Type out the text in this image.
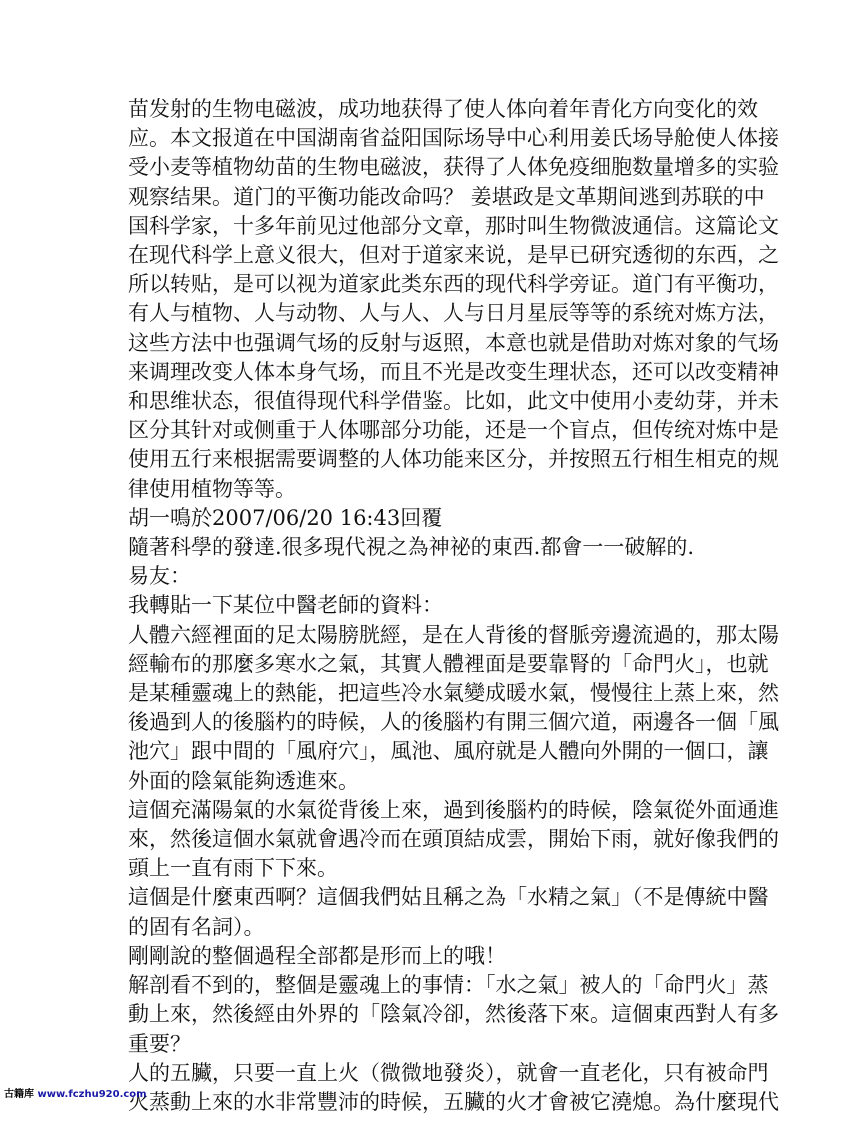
苗发射的生物电磁波，成功地获得了使人体向着年青化方向变化的效
应。本文报道在中国湖南省益阳国际场导中心利用姜氏场导舱使人体接
受小麦等植物幼苗的生物电磁波，获得了人体免疫细胞数量增多的实验
观察结果。道门的平衡功能改命吗？ 姜堪政是文革期间逃到苏联的中
国科学家，十多年前见过他部分文章，那时叫生物微波通信。这篇论文
在现代科学上意义很大，但对于道家来说，是早已研究透彻的东西，之
所以转贴，是可以视为道家此类东西的现代科学旁证。道门有平衡功，
有人与植物、人与动物、人与人、人与日月星辰等等的系统对炼方法，
这些方法中也强调气场的反射与返照，本意也就是借助对炼对象的气场
来调理改变人体本身气场，而且不光是改变生理状态，还可以改变精神
和思维状态，很值得现代科学借鉴。比如，此文中使用小麦幼芽，并未
区分其针对或侧重于人体哪部分功能，还是一个盲点，但传统对炼中是
使用五行来根据需要调整的人体功能来区分，并按照五行相生相克的规
律使用植物等等。
胡一鳴於2007/06/20 16:43回覆
隨著科學的發達.很多現代視之為神祕的東西.都會一一破解的.
易友：
我轉貼一下某位中醫老師的資料：
人體六經裡面的足太陽膀胱經，是在人背後的督脈旁邊流過的，那太陽
經輸布的那麼多寒水之氣，其實人體裡面是要靠腎的「命門火」，也就
是某種靈魂上的熱能，把這些冷水氣變成暖水氣，慢慢往上蒸上來，然
後過到人的後腦杓的時候，人的後腦杓有開三個穴道，兩邊各一個「風
池穴」跟中間的「風府穴」，風池、風府就是人體向外開的一個口，讓
外面的陰氣能夠透進來。
這個充滿陽氣的水氣從背後上來，過到後腦杓的時候，陰氣從外面通進
來，然後這個水氣就會遇冷而在頭頂結成雲，開始下雨，就好像我們的
頭上一直有雨下下來。
這個是什麼東西啊？這個我們姑且稱之為「水精之氣」（不是傳統中醫
的固有名詞）。
剛剛說的整個過程全部都是形而上的哦！
解剖看不到的，整個是靈魂上的事情：「水之氣」被人的「命門火」蒸
動上來，然後經由外界的「陰氣冷卻，然後落下來。這個東西對人有多
重要？
人的五臟，只要一直上火（微微地發炎），就會一直老化，只有被命門
火蒸動上來的水非常豐沛的時候，五臟的火才會被它澆熄。為什麼現代
古籍库 www.fczhu920.com
